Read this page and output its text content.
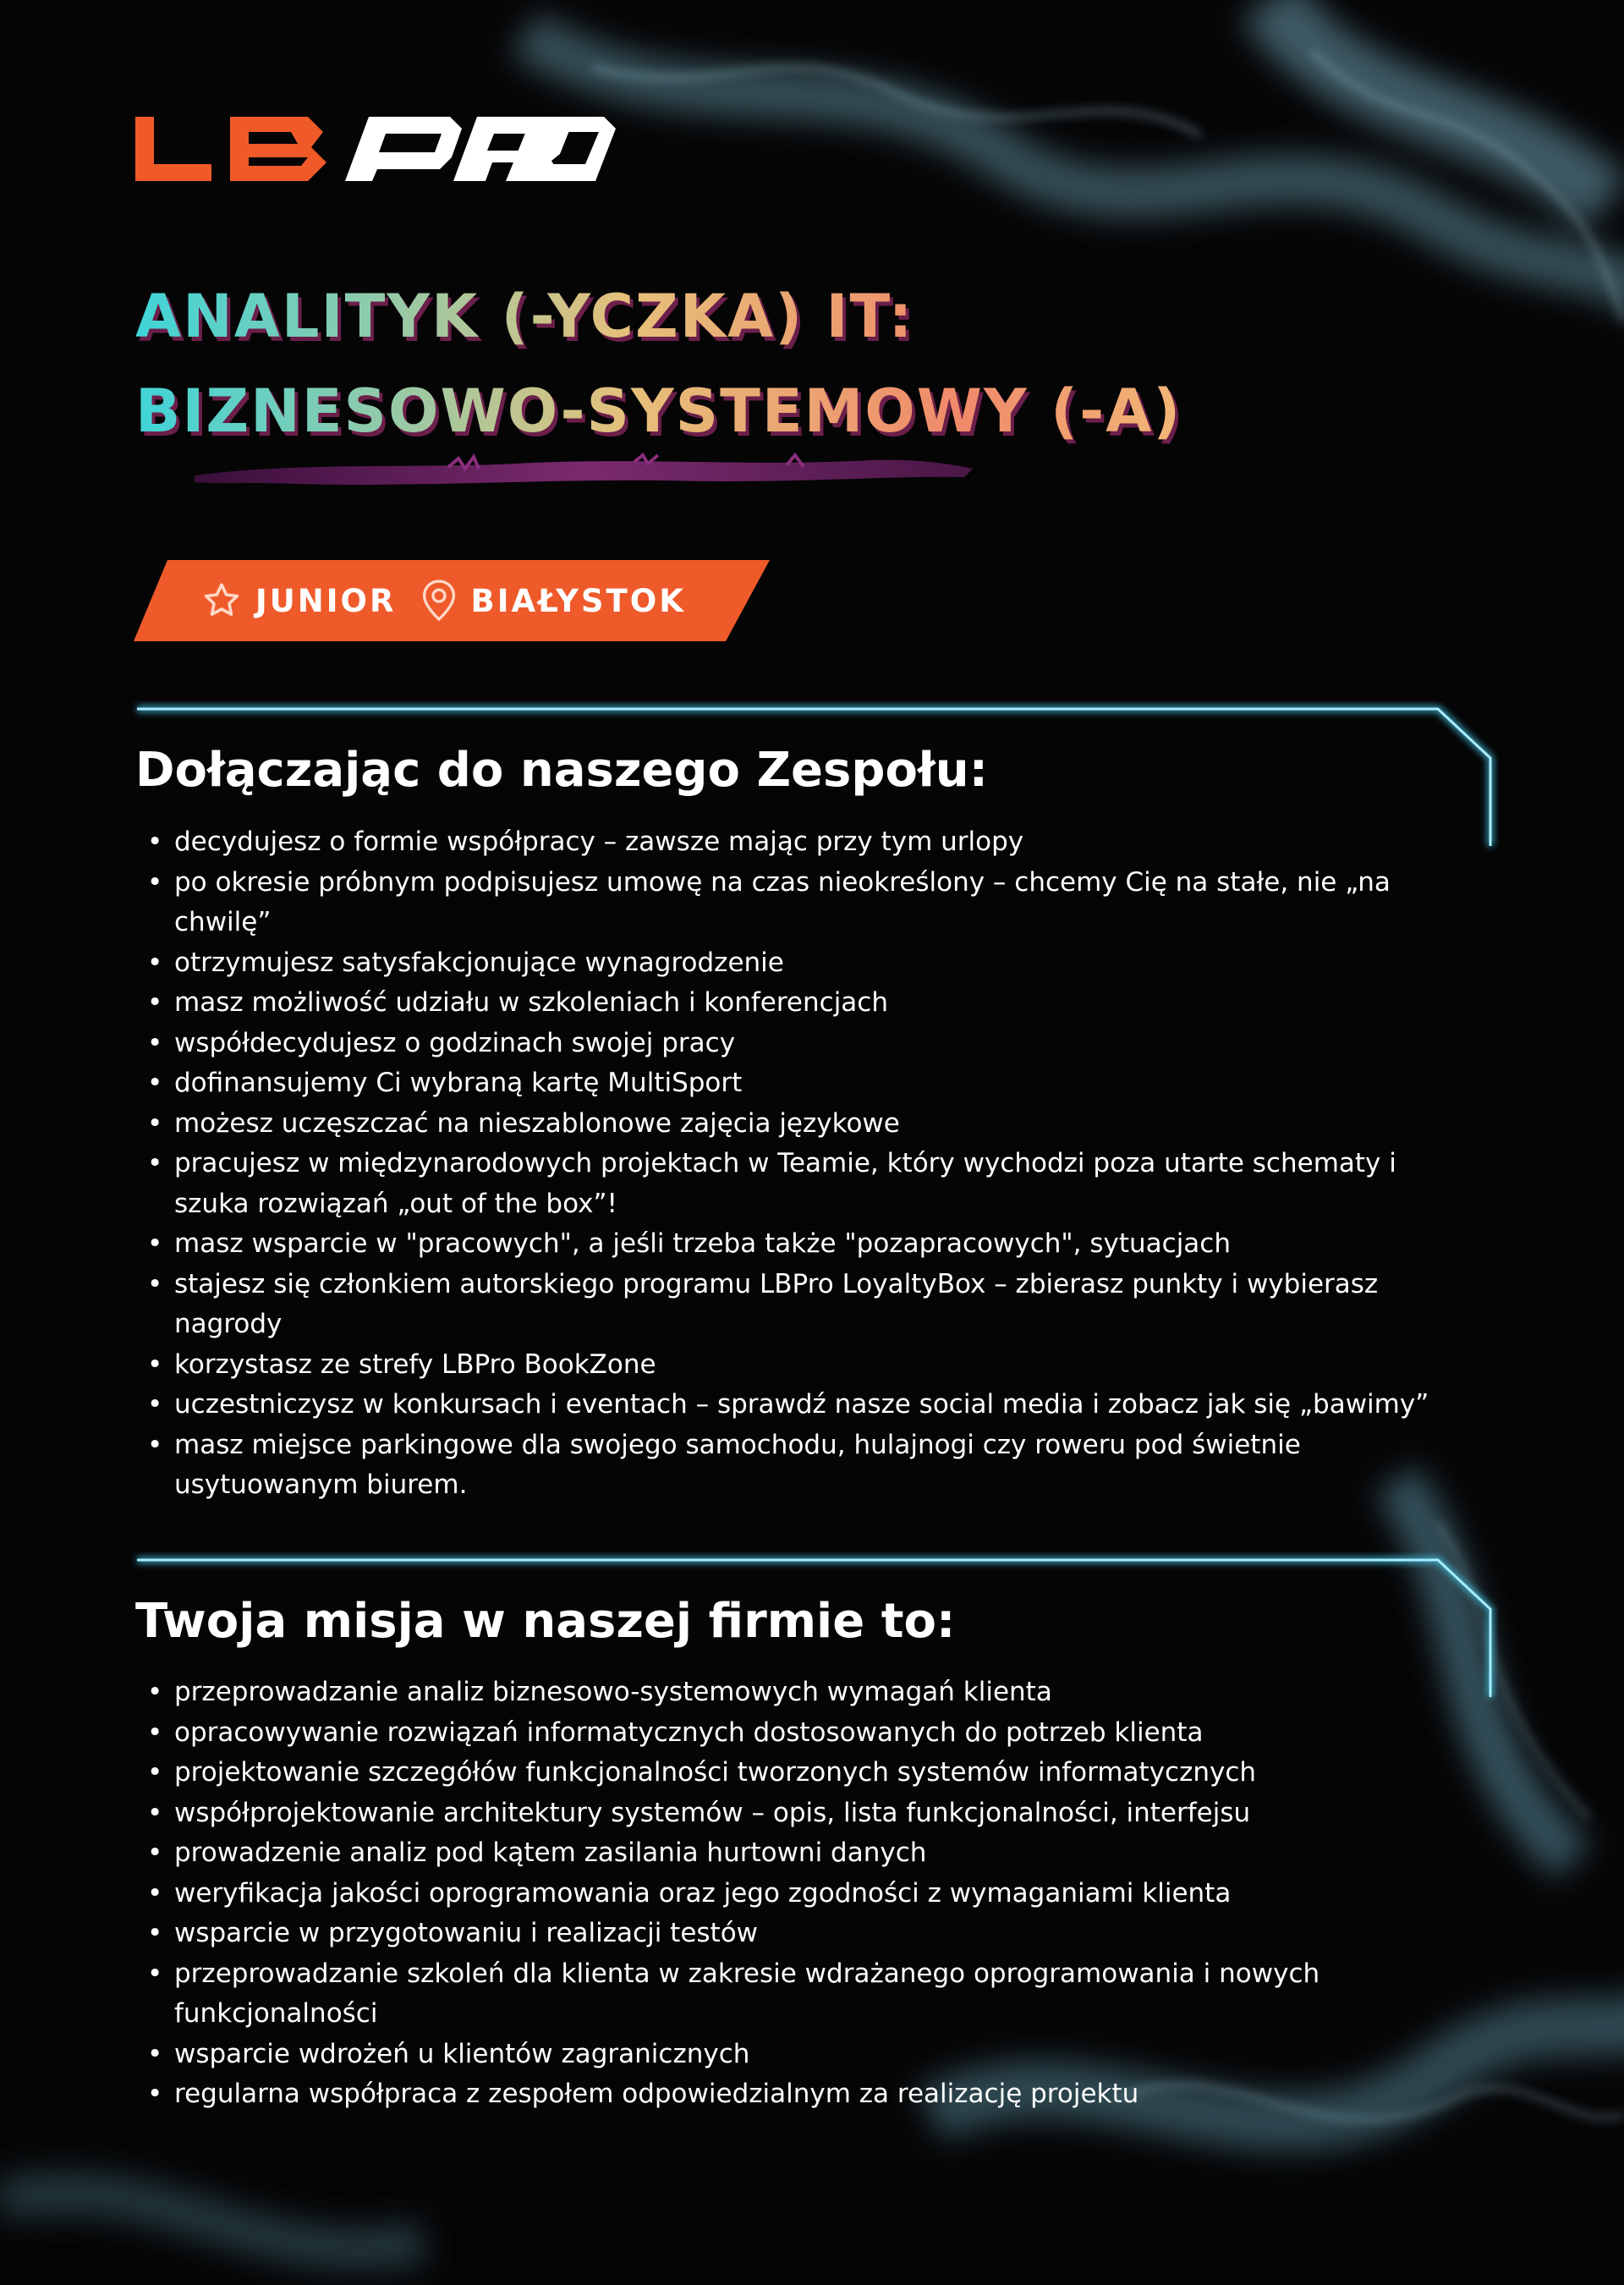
ANALITYK (-YCZKA) IT:
BIZNESOWO-SYSTEMOWY (-A)
JUNIOR BIAŁYSTOK
Dołączając do naszego Zespołu:
• decydujesz o formie współpracy – zawsze mając przy tym urlopy
• po okresie próbnym podpisujesz umowę na czas nieokreślony – chcemy Cię na stałe, nie „na chwilę”
• otrzymujesz satysfakcjonujące wynagrodzenie
• masz możliwość udziału w szkoleniach i konferencjach
• współdecydujesz o godzinach swojej pracy
• dofinansujemy Ci wybraną kartę MultiSport
• możesz uczęszczać na nieszablonowe zajęcia językowe
• pracujesz w międzynarodowych projektach w Teamie, który wychodzi poza utarte schematy i szuka rozwiązań „out of the box”!
• masz wsparcie w "pracowych", a jeśli trzeba także "pozapracowych", sytuacjach
• stajesz się członkiem autorskiego programu LBPro LoyaltyBox – zbierasz punkty i wybierasz nagrody
• korzystasz ze strefy LBPro BookZone
• uczestniczysz w konkursach i eventach – sprawdź nasze social media i zobacz jak się „bawimy”
• masz miejsce parkingowe dla swojego samochodu, hulajnogi czy roweru pod świetnie usytuowanym biurem.
Twoja misja w naszej firmie to:
• przeprowadzanie analiz biznesowo-systemowych wymagań klienta
• opracowywanie rozwiązań informatycznych dostosowanych do potrzeb klienta
• projektowanie szczegółów funkcjonalności tworzonych systemów informatycznych
• współprojektowanie architektury systemów – opis, lista funkcjonalności, interfejsu
• prowadzenie analiz pod kątem zasilania hurtowni danych
• weryfikacja jakości oprogramowania oraz jego zgodności z wymaganiami klienta
• wsparcie w przygotowaniu i realizacji testów
• przeprowadzanie szkoleń dla klienta w zakresie wdrażanego oprogramowania i nowych funkcjonalności
• wsparcie wdrożeń u klientów zagranicznych
• regularna współpraca z zespołem odpowiedzialnym za realizację projektu
